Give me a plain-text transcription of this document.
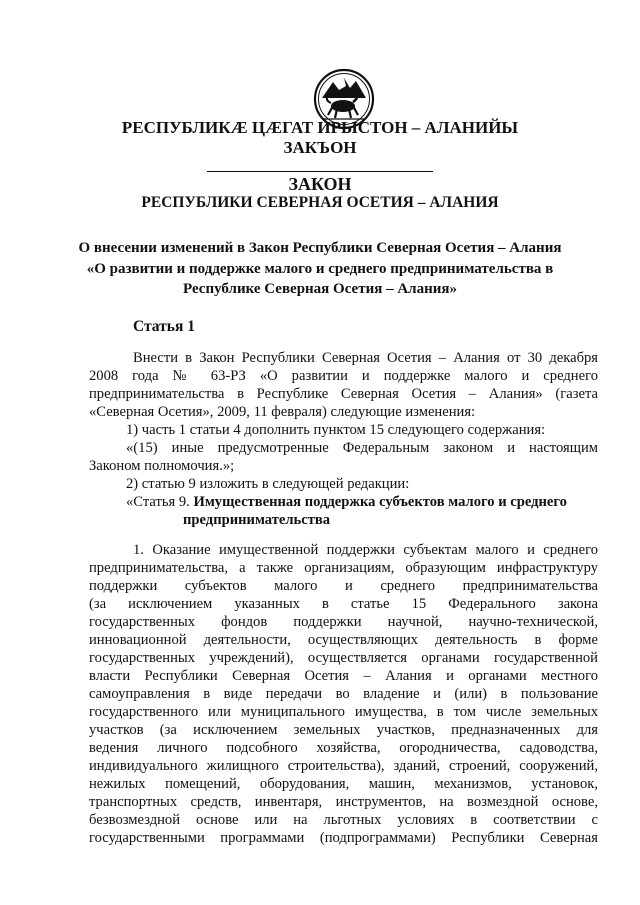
РЕСПУБЛИКӔ ЦӔГАТ ИРЫСТОН – АЛАНИЙЫ
ЗАКЪОН
ЗАКОН
РЕСПУБЛИКИ СЕВЕРНАЯ ОСЕТИЯ – АЛАНИЯ
О внесении изменений в Закон Республики Северная Осетия – Алания
«О развитии и поддержке малого и среднего предпринимательства в
Республике Северная Осетия – Алания»
Статья 1
Внести в Закон Республики Северная Осетия – Алания от 30 декабря
2008 года № 63-РЗ «О развитии и поддержке малого и среднего
предпринимательства в Республике Северная Осетия – Алания» (газета
«Северная Осетия», 2009, 11 февраля) следующие изменения:
1) часть 1 статьи 4 дополнить пунктом 15 следующего содержания:
«(15) иные предусмотренные Федеральным законом и настоящим
Законом полномочия.»;
2) статью 9 изложить в следующей редакции:
«Статья 9. Имущественная поддержка субъектов малого и среднего
предпринимательства
1. Оказание имущественной поддержки субъектам малого и среднего
предпринимательства, а также организациям, образующим инфраструктуру
поддержки субъектов малого и среднего предпринимательства
(за исключением указанных в статье 15 Федерального закона
государственных фондов поддержки научной, научно-технической,
инновационной деятельности, осуществляющих деятельность в форме
государственных учреждений), осуществляется органами государственной
власти Республики Северная Осетия – Алания и органами местного
самоуправления в виде передачи во владение и (или) в пользование
государственного или муниципального имущества, в том числе земельных
участков (за исключением земельных участков, предназначенных для
ведения личного подсобного хозяйства, огородничества, садоводства,
индивидуального жилищного строительства), зданий, строений, сооружений,
нежилых помещений, оборудования, машин, механизмов, установок,
транспортных средств, инвентаря, инструментов, на возмездной основе,
безвозмездной основе или на льготных условиях в соответствии с
государственными программами (подпрограммами) Республики Северная
